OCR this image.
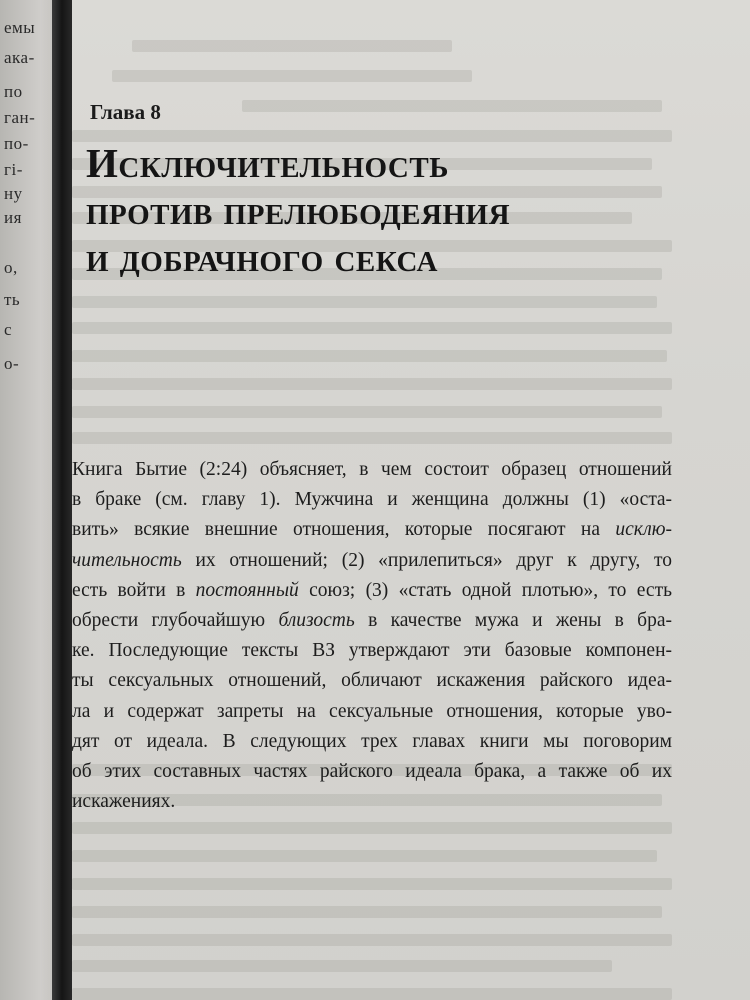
емы
ака-
по
ган-
по-
гі-
ну
ия
о,
ть
с
о-
Глава 8
Исключительность
против прелюбодеяния
и добрачного секса
Книга Бытие (2:24) объясняет, в чем состоит образец отношений
в браке (см. главу 1). Мужчина и женщина должны (1) «остa-
вить» всякие внешние отношения, которые посягают на исклю-
чительность их отношений; (2) «прилепиться» друг к другу, то
есть войти в постоянный союз; (3) «стать одной плотью», то есть
обрести глубочайшую близость в качестве мужа и жены в бра-
ке. Последующие тексты ВЗ утверждают эти базовые компонен-
ты сексуальных отношений, обличают искажения райского идеа-
ла и содержат запреты на сексуальные отношения, которые уво-
дят от идеала. В следующих трех главах книги мы поговорим
об этих составных частях райского идеала брака, а также об их
искажениях.
